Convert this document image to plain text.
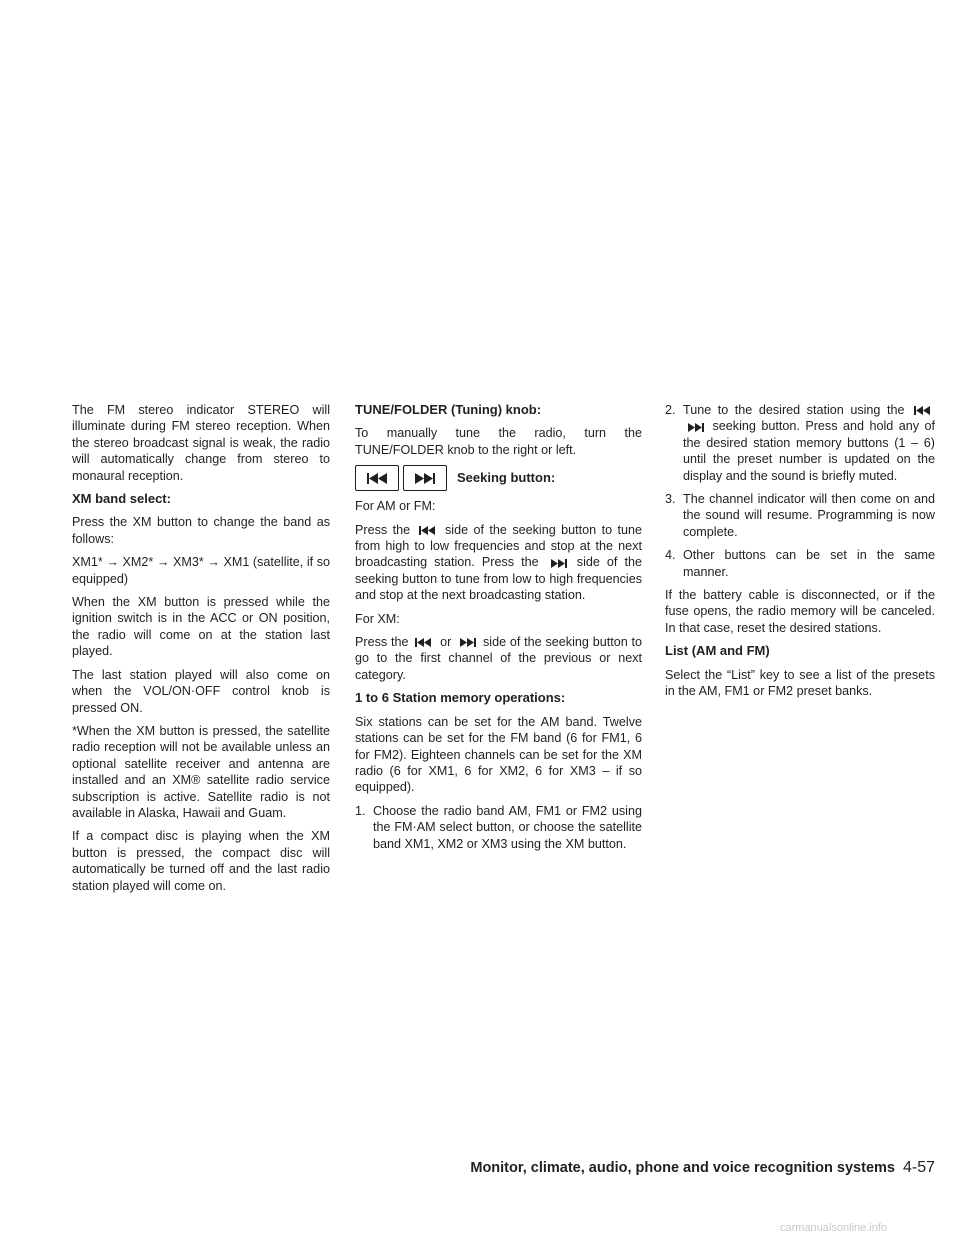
The FM stereo indicator STEREO will illuminate during FM stereo reception. When the stereo broadcast signal is weak, the radio will automatically change from stereo to monaural reception.

XM band select:

Press the XM button to change the band as follows:

XM1* → XM2* → XM3* → XM1 (satellite, if so equipped)

When the XM button is pressed while the ignition switch is in the ACC or ON position, the radio will come on at the station last played.

The last station played will also come on when the VOL/ON·OFF control knob is pressed ON.

*When the XM button is pressed, the satellite radio reception will not be available unless an optional satellite receiver and antenna are installed and an XM® satellite radio service subscription is active. Satellite radio is not available in Alaska, Hawaii and Guam.

If a compact disc is playing when the XM button is pressed, the compact disc will automatically be turned off and the last radio station played will come on.

TUNE/FOLDER (Tuning) knob:

To manually tune the radio, turn the TUNE/FOLDER knob to the right or left.

Seeking button:

For AM or FM:

Press the	side of the seeking button to tune from high to low frequencies and stop at the next broadcasting station. Press the	side of the seeking button to tune from low to high frequencies and stop at the next broadcasting station.

For XM:

Press the	or	side of the seeking button to go to the first channel of the previous or next category.

1 to 6 Station memory operations:

Six stations can be set for the AM band. Twelve stations can be set for the FM band (6 for FM1, 6 for FM2). Eighteen channels can be set for the XM radio (6 for XM1, 6 for XM2, 6 for XM3 – if so equipped).

1. Choose the radio band AM, FM1 or FM2 using the FM·AM select button, or choose the satellite band XM1, XM2 or XM3 using the XM button.
2. Tune to the desired station using the
seeking button. Press and hold any of the desired station memory buttons (1 – 6) until the preset number is updated on the display and the sound is briefly muted.
3. The channel indicator will then come on and the sound will resume. Programming is now complete.
4. Other buttons can be set in the same manner.

If the battery cable is disconnected, or if the fuse opens, the radio memory will be canceled. In that case, reset the desired stations.

List (AM and FM)

Select the “List” key to see a list of the presets in the AM, FM1 or FM2 preset banks.

Monitor, climate, audio, phone and voice recognition systems 4-57
carmanualsonline.info
